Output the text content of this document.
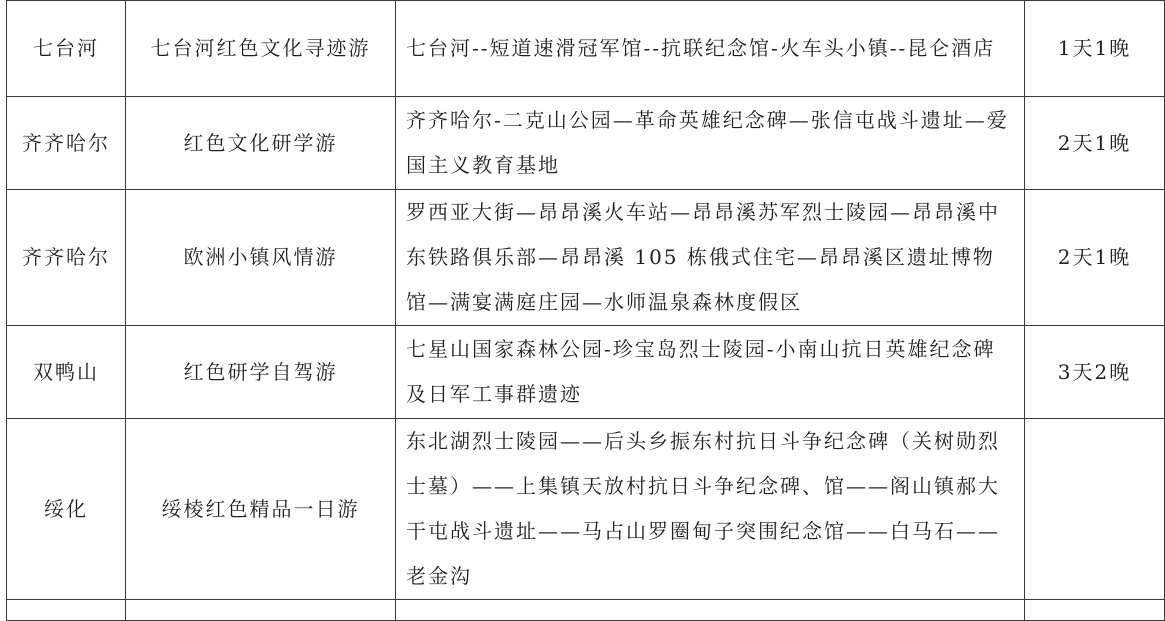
七台河	七台河红色文化寻迹游	七台河--短道速滑冠军馆--抗联纪念馆-火车头小镇--昆仑酒店	1天1晚
齐齐哈尔	红色文化研学游	齐齐哈尔-二克山公园—革命英雄纪念碑—张信屯战斗遗址—爱国主义教育基地	2天1晚
齐齐哈尔	欧洲小镇风情游	罗西亚大街—昂昂溪火车站—昂昂溪苏军烈士陵园—昂昂溪中东铁路俱乐部—昂昂溪 105 栋俄式住宅—昂昂溪区遗址博物馆—满宴满庭庄园—水师温泉森林度假区	2天1晚
双鸭山	红色研学自驾游	七星山国家森林公园-珍宝岛烈士陵园-小南山抗日英雄纪念碑及日军工事群遗迹	3天2晚
绥化	绥棱红色精品一日游	东北湖烈士陵园——后头乡振东村抗日斗争纪念碑（关树勋烈士墓）——上集镇天放村抗日斗争纪念碑、馆——阁山镇郝大干屯战斗遗址——马占山罗圈甸子突围纪念馆——白马石——老金沟	
